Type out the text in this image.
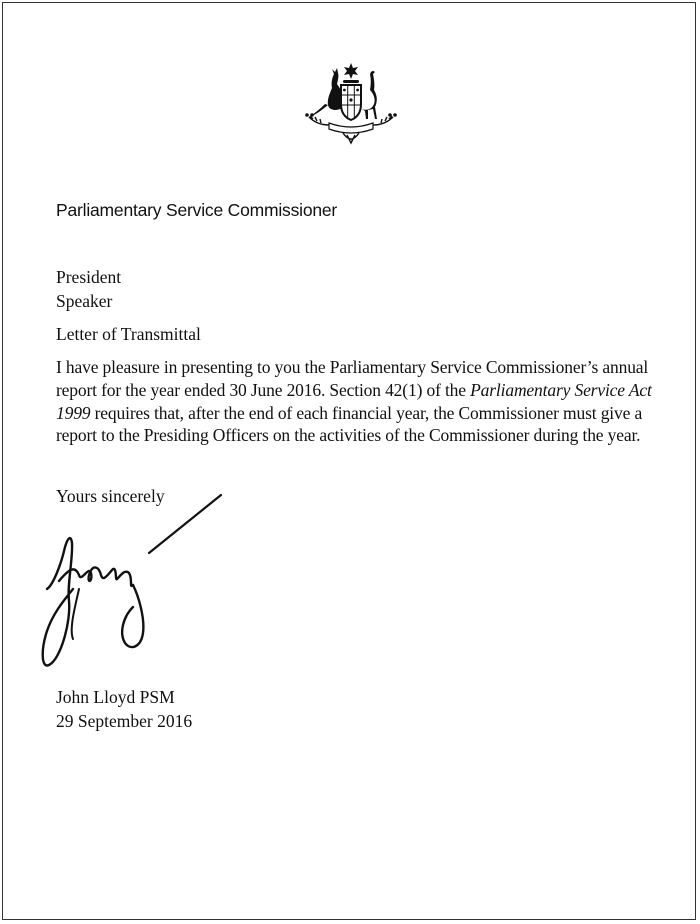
Parliamentary Service Commissioner

President

Speaker

Letter of Transmittal

I have pleasure in presenting to you the Parliamentary Service Commissioner’s annual report for the year ended 30 June 2016. Section 42(1) of the Parliamentary Service Act 1999 requires that, after the end of each financial year, the Commissioner must give a report to the Presiding Officers on the activities of the Commissioner during the year.

Yours sincerely

John Lloyd PSM

29 September 2016
